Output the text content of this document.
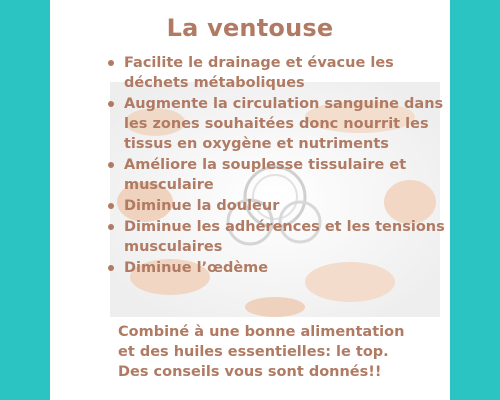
La ventouse
Facilite le drainage et évacue les déchets métaboliques
Augmente la circulation sanguine dans les zones souhaitées donc nourrit les tissus en oxygène et nutriments
Améliore la souplesse tissulaire et musculaire
Diminue la douleur
Diminue les adhérences et les tensions musculaires
Diminue l’œdème
Combiné à une bonne alimentation
et des huiles essentielles: le top.
Des conseils vous sont donnés!!
